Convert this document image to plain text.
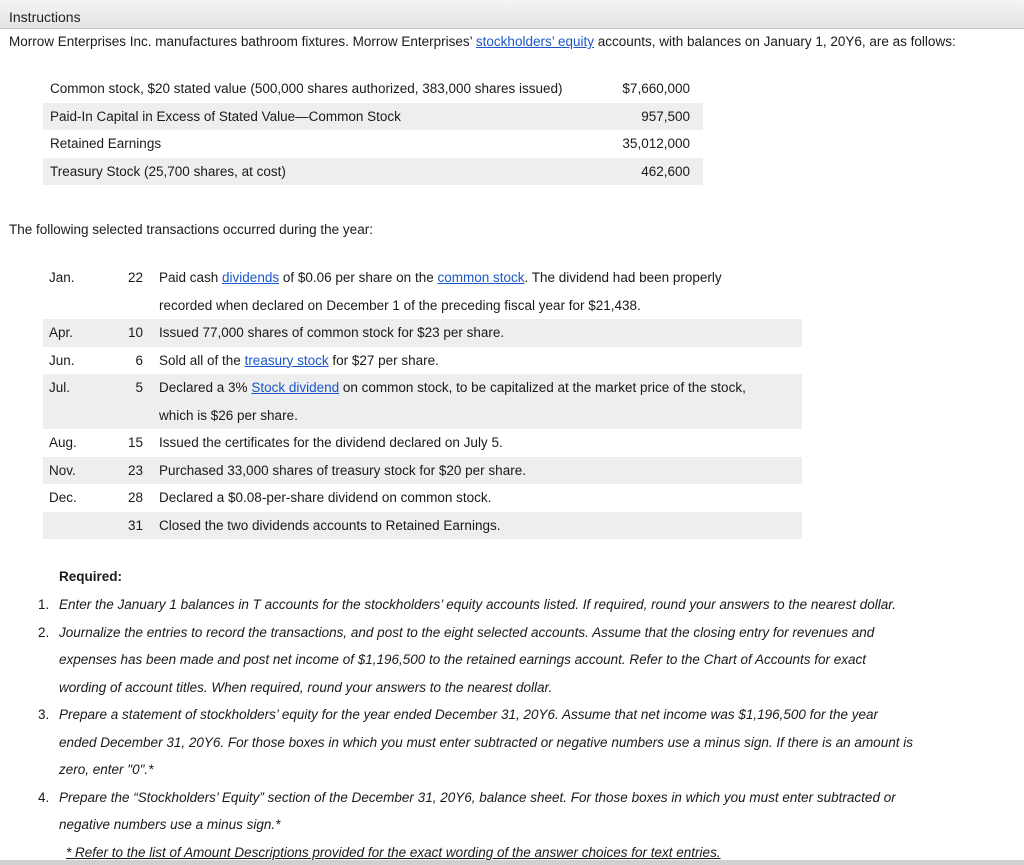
Instructions
Morrow Enterprises Inc. manufactures bathroom fixtures. Morrow Enterprises’ stockholders’ equity accounts, with balances on January 1, 20Y6, are as follows:
Common stock, $20 stated value (500,000 shares authorized, 383,000 shares issued)	$7,660,000
Paid-In Capital in Excess of Stated Value—Common Stock	957,500
Retained Earnings	35,012,000
Treasury Stock (25,700 shares, at cost)	462,600
The following selected transactions occurred during the year:
Jan.	22 Paid cash dividends of $0.06 per share on the common stock. The dividend had been properly
recorded when declared on December 1 of the preceding fiscal year for $21,438.
Apr.	10 Issued 77,000 shares of common stock for $23 per share.
Jun.	6 Sold all of the treasury stock for $27 per share.
Jul.	5 Declared a 3% Stock dividend on common stock, to be capitalized at the market price of the stock,
which is $26 per share.
Aug.	15 Issued the certificates for the dividend declared on July 5.
Nov.	23 Purchased 33,000 shares of treasury stock for $20 per share.
Dec.	28 Declared a $0.08-per-share dividend on common stock.
31 Closed the two dividends accounts to Retained Earnings.
Required:
1. Enter the January 1 balances in T accounts for the stockholders’ equity accounts listed. If required, round your answers to the nearest dollar.
2. Journalize the entries to record the transactions, and post to the eight selected accounts. Assume that the closing entry for revenues and
expenses has been made and post net income of $1,196,500 to the retained earnings account. Refer to the Chart of Accounts for exact
wording of account titles. When required, round your answers to the nearest dollar.
3. Prepare a statement of stockholders’ equity for the year ended December 31, 20Y6. Assume that net income was $1,196,500 for the year
ended December 31, 20Y6. For those boxes in which you must enter subtracted or negative numbers use a minus sign. If there is an amount is
zero, enter "0".*
4. Prepare the “Stockholders’ Equity” section of the December 31, 20Y6, balance sheet. For those boxes in which you must enter subtracted or
negative numbers use a minus sign.*
* Refer to the list of Amount Descriptions provided for the exact wording of the answer choices for text entries.
